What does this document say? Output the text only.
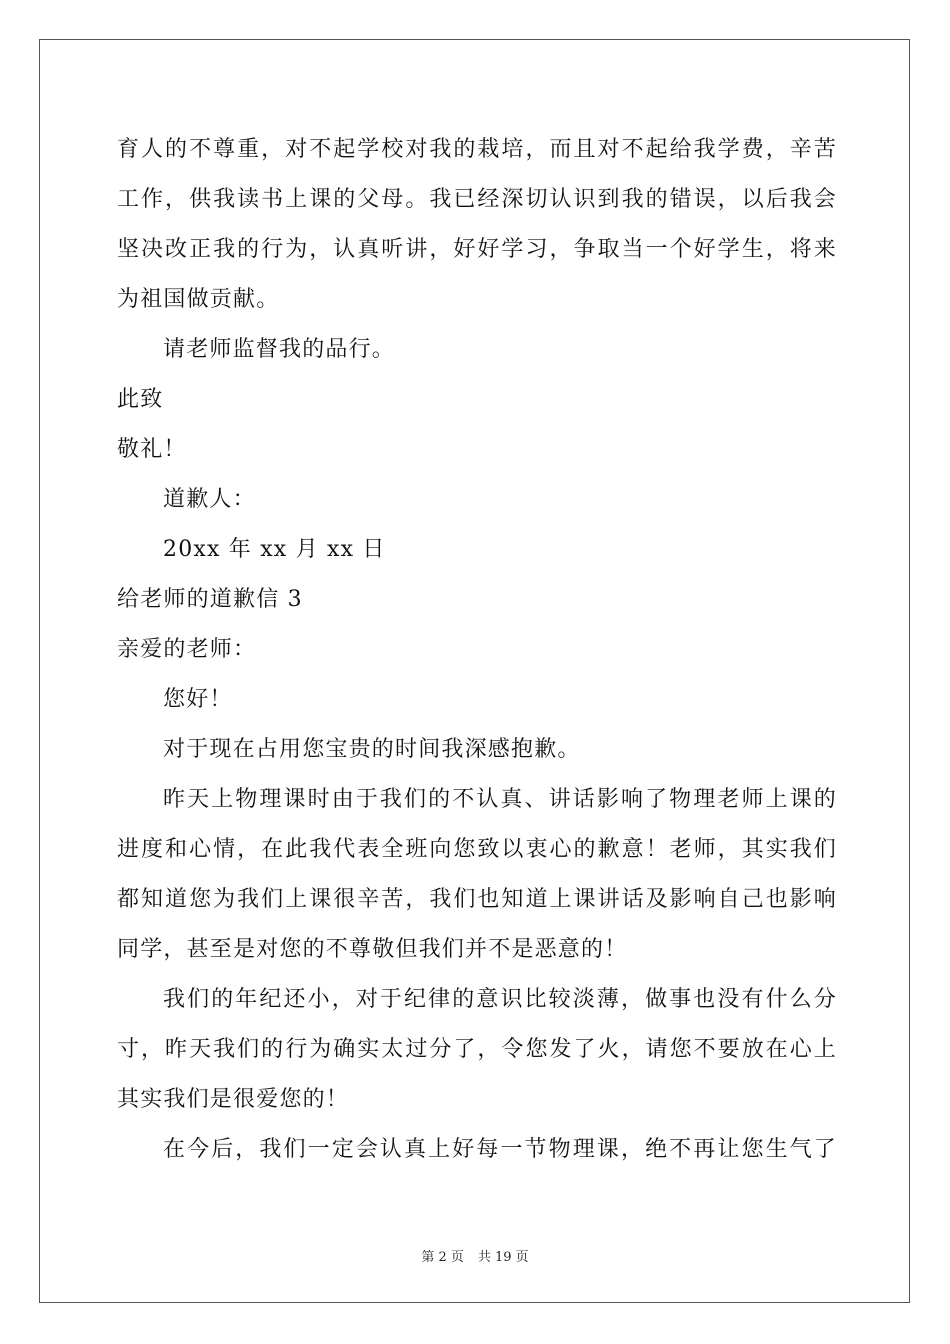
育人的不尊重，对不起学校对我的栽培，而且对不起给我学费，辛苦
工作，供我读书上课的父母。我已经深切认识到我的错误，以后我会
坚决改正我的行为，认真听讲，好好学习，争取当一个好学生，将来
为祖国做贡献。
请老师监督我的品行。
此致
敬礼！
道歉人：
20xx 年 xx 月 xx 日
给老师的道歉信 3
亲爱的老师：
您好！
对于现在占用您宝贵的时间我深感抱歉。
昨天上物理课时由于我们的不认真、讲话影响了物理老师上课的
进度和心情，在此我代表全班向您致以衷心的歉意！老师，其实我们
都知道您为我们上课很辛苦，我们也知道上课讲话及影响自己也影响
同学，甚至是对您的不尊敬但我们并不是恶意的！
我们的年纪还小，对于纪律的意识比较淡薄，做事也没有什么分
寸，昨天我们的行为确实太过分了，令您发了火，请您不要放在心上
其实我们是很爱您的！
在今后，我们一定会认真上好每一节物理课，绝不再让您生气了
第 2 页 共 19 页
